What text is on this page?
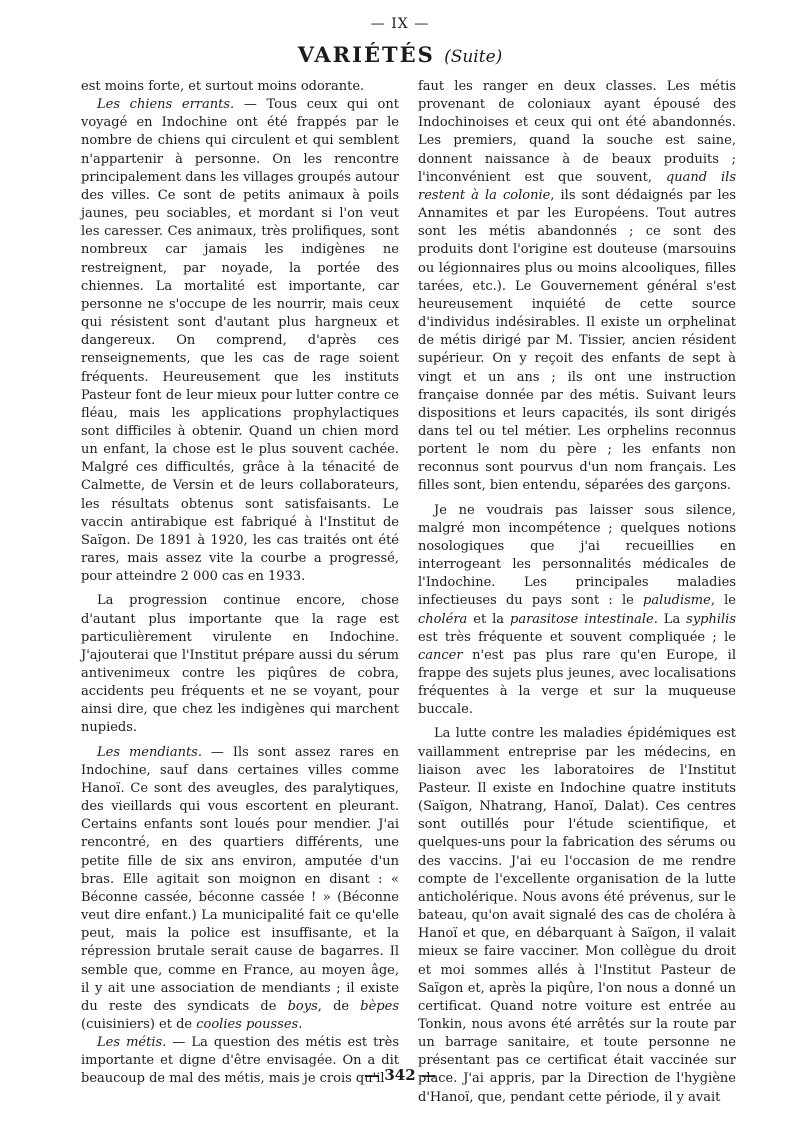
— IX —
VARIÉTÉS (Suite)

est moins forte, et surtout moins odorante.

Les chiens errants. — Tous ceux qui ont voyagé en Indochine ont été frappés par le nombre de chiens qui circulent et qui semblent n'appartenir à personne. On les rencontre principalement dans les villages groupés autour des villes. Ce sont de petits animaux à poils jaunes, peu sociables, et mordant si l'on veut les caresser. Ces animaux, très prolifiques, sont nombreux car jamais les indigènes ne restreignent, par noyade, la portée des chiennes. La mortalité est importante, car personne ne s'occupe de les nourrir, mais ceux qui résistent sont d'autant plus hargneux et dangereux. On comprend, d'après ces renseignements, que les cas de rage soient fréquents. Heureusement que les instituts Pasteur font de leur mieux pour lutter contre ce fléau, mais les applications prophylactiques sont difficiles à obtenir. Quand un chien mord un enfant, la chose est le plus souvent cachée. Malgré ces difficultés, grâce à la ténacité de Calmette, de Versin et de leurs collaborateurs, les résultats obtenus sont satisfaisants. Le vaccin antirabique est fabriqué à l'Institut de Saïgon. De 1891 à 1920, les cas traités ont été rares, mais assez vite la courbe a progressé, pour atteindre 2 000 cas en 1933.

La progression continue encore, chose d'autant plus importante que la rage est particulièrement virulente en Indochine. J'ajouterai que l'Institut prépare aussi du sérum antivenimeux contre les piqûres de cobra, accidents peu fréquents et ne se voyant, pour ainsi dire, que chez les indigènes qui marchent nupieds.

Les mendiants. — Ils sont assez rares en Indochine, sauf dans certaines villes comme Hanoï. Ce sont des aveugles, des paralytiques, des vieillards qui vous escortent en pleurant. Certains enfants sont loués pour mendier. J'ai rencontré, en des quartiers différents, une petite fille de six ans environ, amputée d'un bras. Elle agitait son moignon en disant : « Béconne cassée, béconne cassée ! » (Béconne veut dire enfant.) La municipalité fait ce qu'elle peut, mais la police est insuffisante, et la répression brutale serait cause de bagarres. Il semble que, comme en France, au moyen âge, il y ait une association de mendiants ; il existe du reste des syndicats de boys, de bèpes (cuisiniers) et de coolies pousses.

Les métis. — La question des métis est très importante et digne d'être envisagée. On a dit beaucoup de mal des métis, mais je crois qu'il

faut les ranger en deux classes. Les métis provenant de coloniaux ayant épousé des Indochinoises et ceux qui ont été abandonnés. Les premiers, quand la souche est saine, donnent naissance à de beaux produits ; l'inconvénient est que souvent, quand ils restent à la colonie, ils sont dédaignés par les Annamites et par les Européens. Tout autres sont les métis abandonnés ; ce sont des produits dont l'origine est douteuse (marsouins ou légionnaires plus ou moins alcooliques, filles tarées, etc.). Le Gouvernement général s'est heureusement inquiété de cette source d'individus indésirables. Il existe un orphelinat de métis dirigé par M. Tissier, ancien résident supérieur. On y reçoit des enfants de sept à vingt et un ans ; ils ont une instruction française donnée par des métis. Suivant leurs dispositions et leurs capacités, ils sont dirigés dans tel ou tel métier. Les orphelins reconnus portent le nom du père ; les enfants non reconnus sont pourvus d'un nom français. Les filles sont, bien entendu, séparées des garçons.

Je ne voudrais pas laisser sous silence, malgré mon incompétence ; quelques notions nosologiques que j'ai recueillies en interrogeant les personnalités médicales de l'Indochine. Les principales maladies infectieuses du pays sont : le paludisme, le choléra et la parasitose intestinale. La syphilis est très fréquente et souvent compliquée ; le cancer n'est pas plus rare qu'en Europe, il frappe des sujets plus jeunes, avec localisations fréquentes à la verge et sur la muqueuse buccale.

La lutte contre les maladies épidémiques est vaillamment entreprise par les médecins, en liaison avec les laboratoires de l'Institut Pasteur. Il existe en Indochine quatre instituts (Saïgon, Nhatrang, Hanoï, Dalat). Ces centres sont outillés pour l'étude scientifique, et quelques-uns pour la fabrication des sérums ou des vaccins. J'ai eu l'occasion de me rendre compte de l'excellente organisation de la lutte anticholérique. Nous avons été prévenus, sur le bateau, qu'on avait signalé des cas de choléra à Hanoï et que, en débarquant à Saïgon, il valait mieux se faire vacciner. Mon collègue du droit et moi sommes allés à l'Institut Pasteur de Saïgon et, après la piqûre, l'on nous a donné un certificat. Quand notre voiture est entrée au Tonkin, nous avons été arrêtés sur la route par un barrage sanitaire, et toute personne ne présentant pas ce certificat était vaccinée sur place. J'ai appris, par la Direction de l'hygiène d'Hanoï, que, pendant cette période, il y avait

— 342 —
